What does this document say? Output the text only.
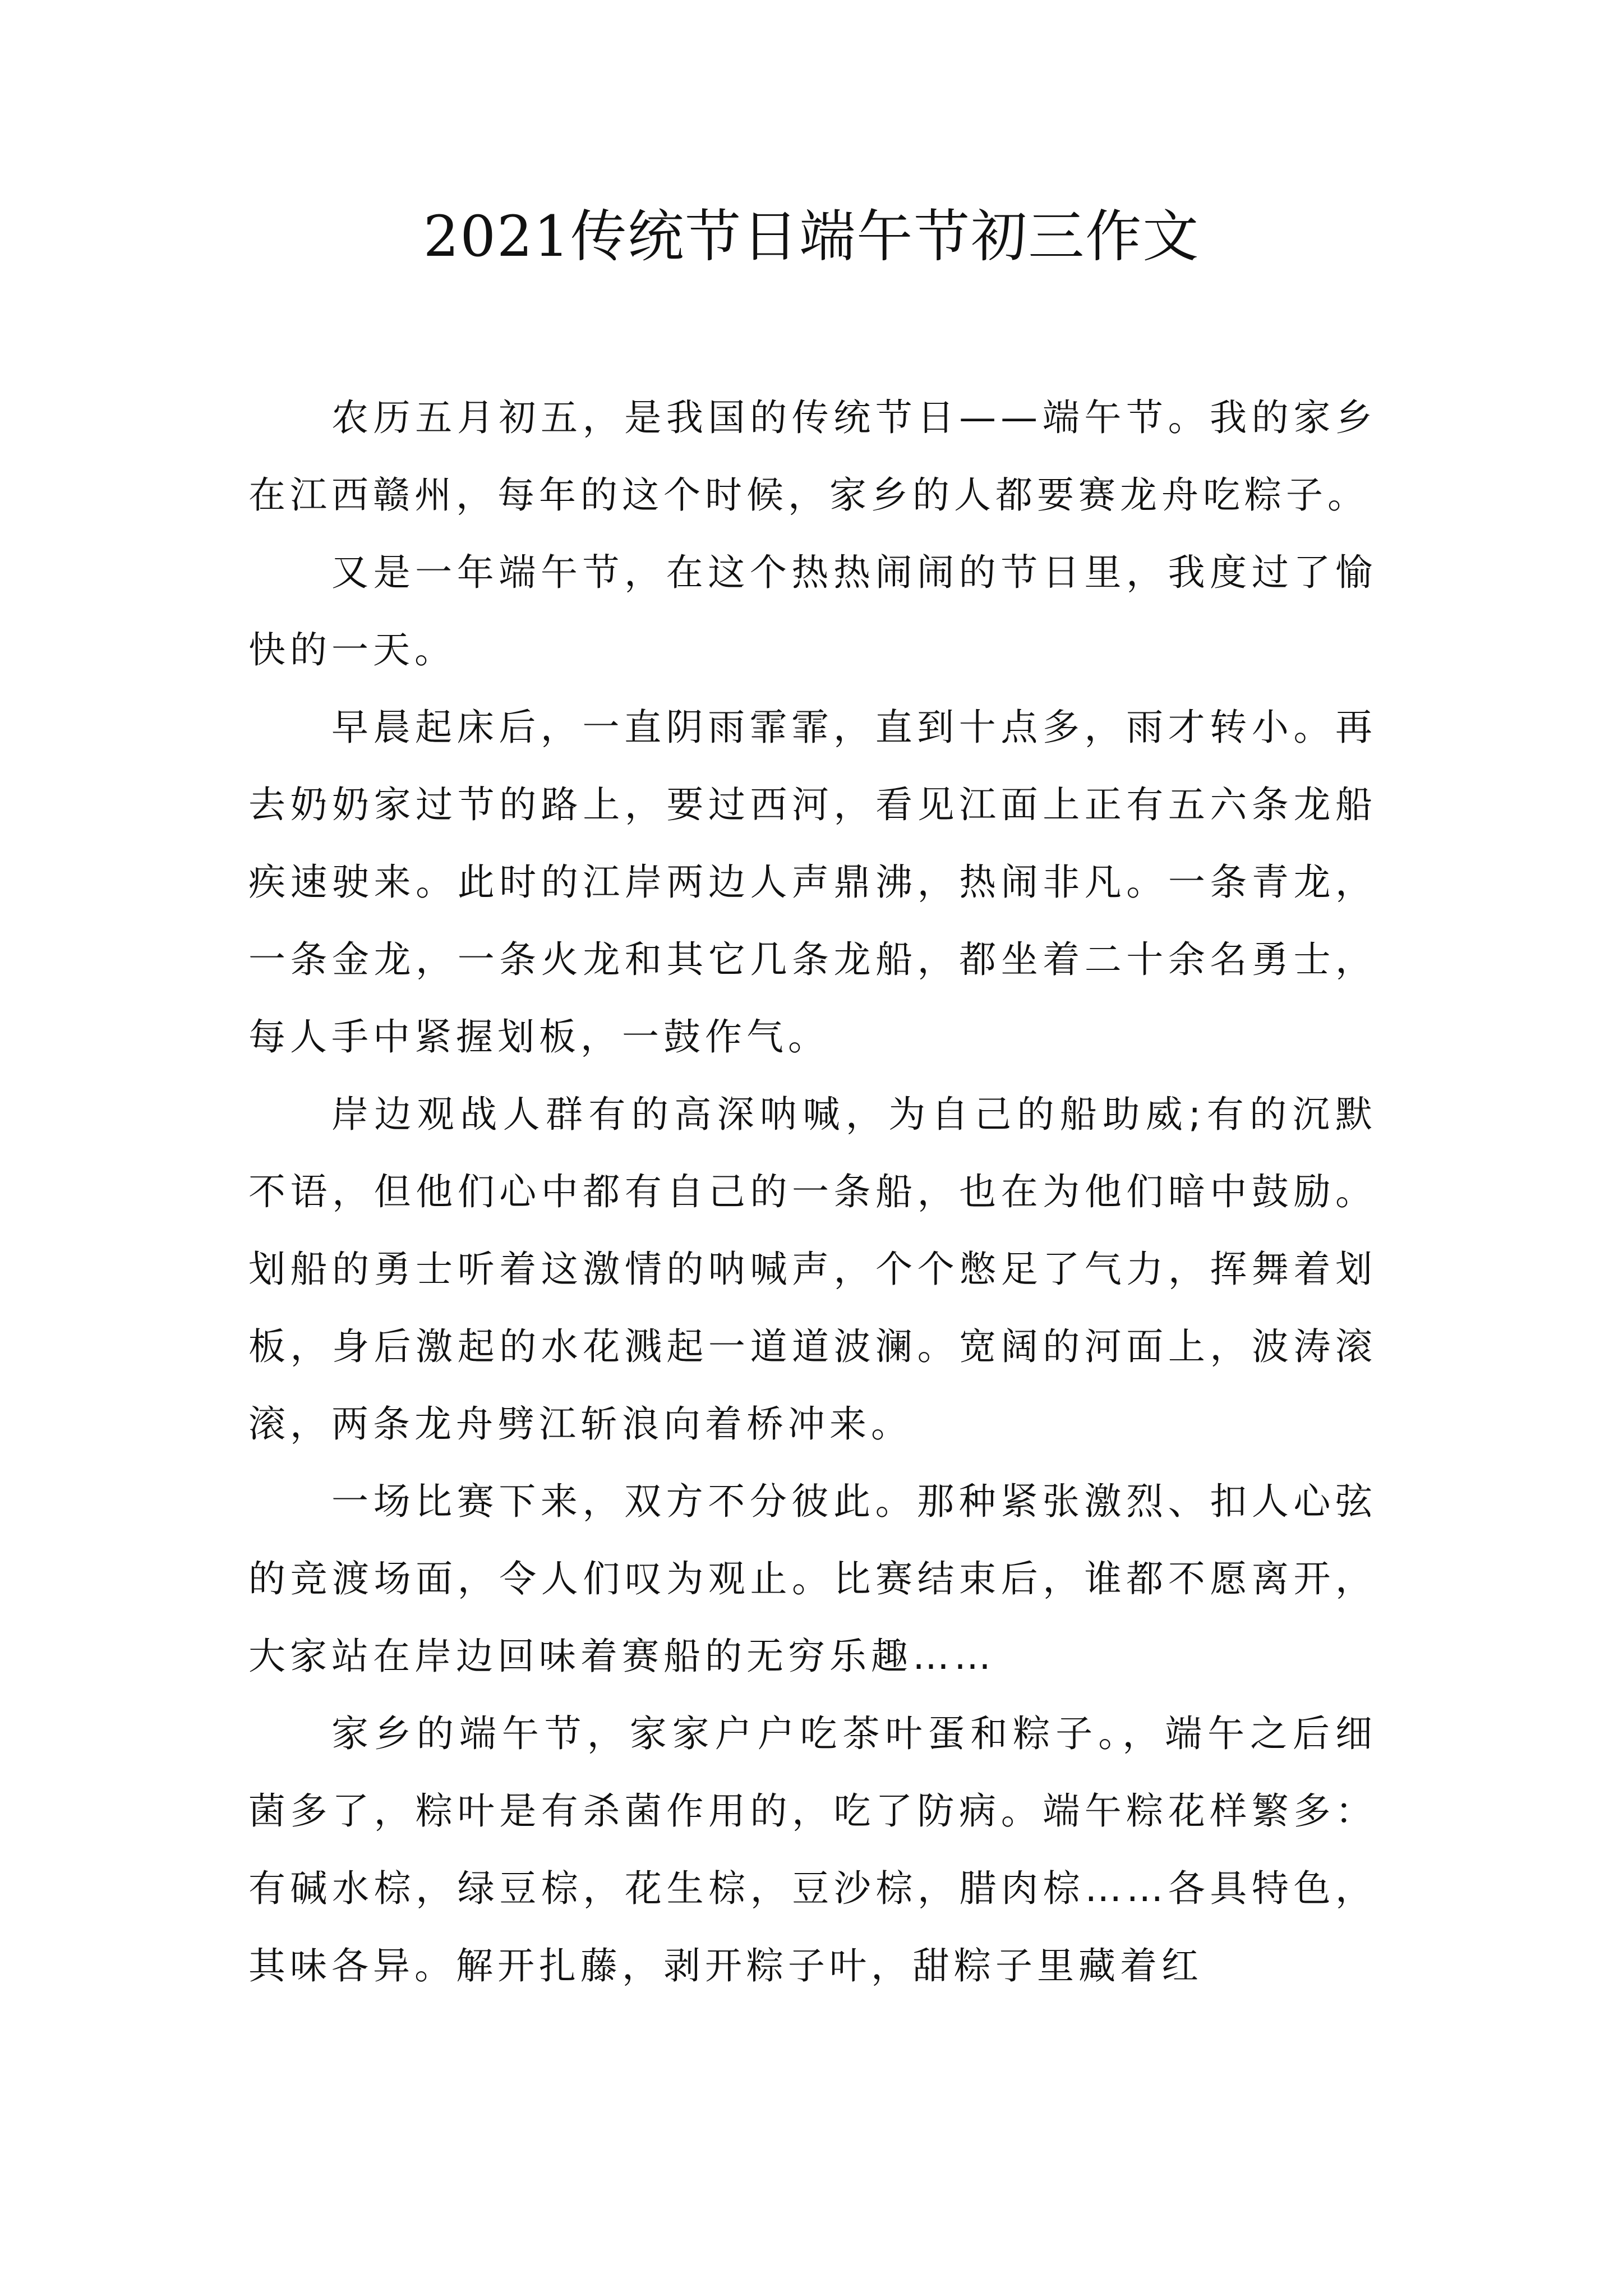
2021传统节日端午节初三作文

农历五月初五，是我国的传统节日——端午节。我的家乡在江西赣州，每年的这个时候，家乡的人都要赛龙舟吃粽子。

又是一年端午节，在这个热热闹闹的节日里，我度过了愉快的一天。

早晨起床后，一直阴雨霏霏，直到十点多，雨才转小。再去奶奶家过节的路上，要过西河，看见江面上正有五六条龙船疾速驶来。此时的江岸两边人声鼎沸，热闹非凡。一条青龙，一条金龙，一条火龙和其它几条龙船，都坐着二十余名勇士，每人手中紧握划板，一鼓作气。

岸边观战人群有的高深呐喊，为自己的船助威;有的沉默不语，但他们心中都有自己的一条船，也在为他们暗中鼓励。划船的勇士听着这激情的呐喊声，个个憋足了气力，挥舞着划板，身后激起的水花溅起一道道波澜。宽阔的河面上，波涛滚滚，两条龙舟劈江斩浪向着桥冲来。

一场比赛下来，双方不分彼此。那种紧张激烈、扣人心弦的竞渡场面，令人们叹为观止。比赛结束后，谁都不愿离开，大家站在岸边回味着赛船的无穷乐趣……

家乡的端午节，家家户户吃茶叶蛋和粽子。，端午之后细菌多了，粽叶是有杀菌作用的，吃了防病。端午粽花样繁多：有碱水棕，绿豆棕，花生棕，豆沙棕，腊肉棕……各具特色，其味各异。解开扎藤，剥开粽子叶，甜粽子里藏着红
